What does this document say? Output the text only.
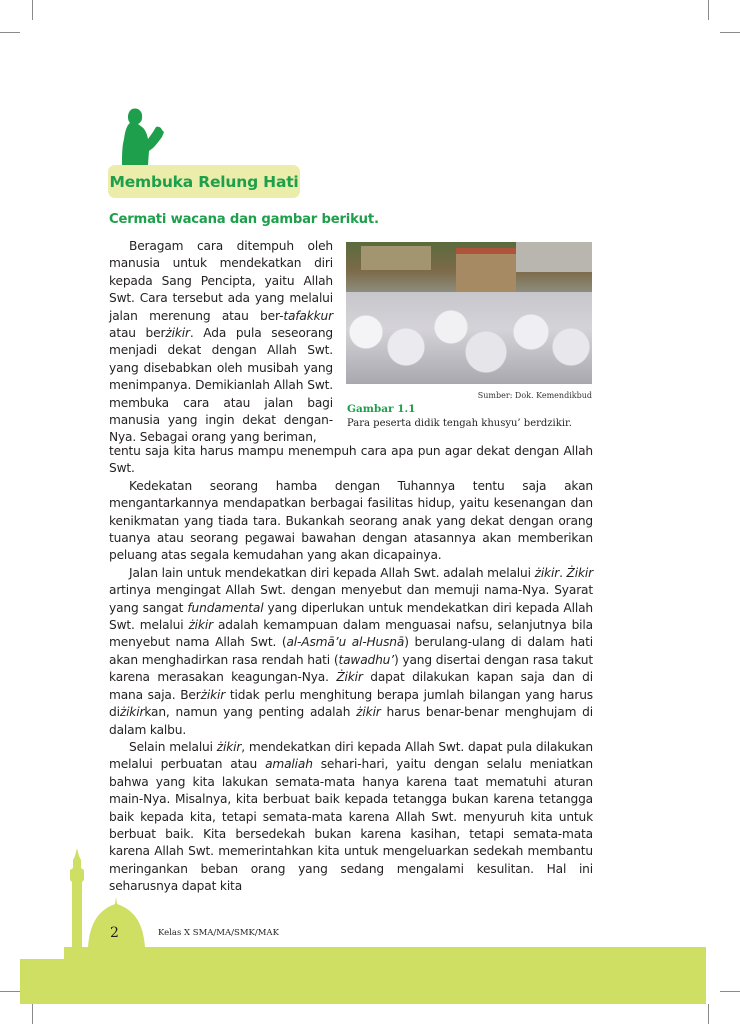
Membuka Relung Hati
Cermati wacana dan gambar berikut.

Beragam cara ditempuh oleh manusia untuk mendekatkan diri kepada Sang Pencipta, yaitu Allah Swt. Cara tersebut ada yang melalui jalan merenung atau ber-tafakkur atau berżikir. Ada pula seseorang menjadi dekat dengan Allah Swt. yang disebabkan oleh musibah yang menimpanya. Demikianlah Allah Swt. membuka cara atau jalan bagi manusia yang ingin dekat dengan-Nya. Sebagai orang yang beriman,

Sumber: Dok. Kemendikbud
Gambar 1.1
Para peserta didik tengah khusyu’ berdzikir.

tentu saja kita harus mampu menempuh cara apa pun agar dekat dengan Allah Swt.

Kedekatan seorang hamba dengan Tuhannya tentu saja akan mengantarkannya mendapatkan berbagai fasilitas hidup, yaitu kesenangan dan kenikmatan yang tiada tara. Bukankah seorang anak yang dekat dengan orang tuanya atau seorang pegawai bawahan dengan atasannya akan memberikan peluang atas segala kemudahan yang akan dicapainya.

Jalan lain untuk mendekatkan diri kepada Allah Swt. adalah melalui żikir. Żikir artinya mengingat Allah Swt. dengan menyebut dan memuji nama-Nya. Syarat yang sangat fundamental yang diperlukan untuk mendekatkan diri kepada Allah Swt. melalui żikir adalah kemampuan dalam menguasai nafsu, selanjutnya bila menyebut nama Allah Swt. (al-Asmā’u al-Husnā) berulang-ulang di dalam hati akan menghadirkan rasa rendah hati (tawadhu’) yang disertai dengan rasa takut karena merasakan keagungan-Nya. Żikir dapat dilakukan kapan saja dan di mana saja. Berżikir tidak perlu menghitung berapa jumlah bilangan yang harus diżikirkan, namun yang penting adalah żikir harus benar-benar menghujam di dalam kalbu.

Selain melalui żikir, mendekatkan diri kepada Allah Swt. dapat pula dilakukan melalui perbuatan atau amaliah sehari-hari, yaitu dengan selalu meniatkan bahwa yang kita lakukan semata-mata hanya karena taat mematuhi aturan main-Nya. Misalnya, kita berbuat baik kepada tetangga bukan karena tetangga baik kepada kita, tetapi semata-mata karena Allah Swt. menyuruh kita untuk berbuat baik. Kita bersedekah bukan karena kasihan, tetapi semata-mata karena Allah Swt. memerintahkan kita untuk mengeluarkan sedekah membantu meringankan beban orang yang sedang mengalami kesulitan. Hal ini seharusnya dapat kita

2	Kelas X SMA/MA/SMK/MAK
